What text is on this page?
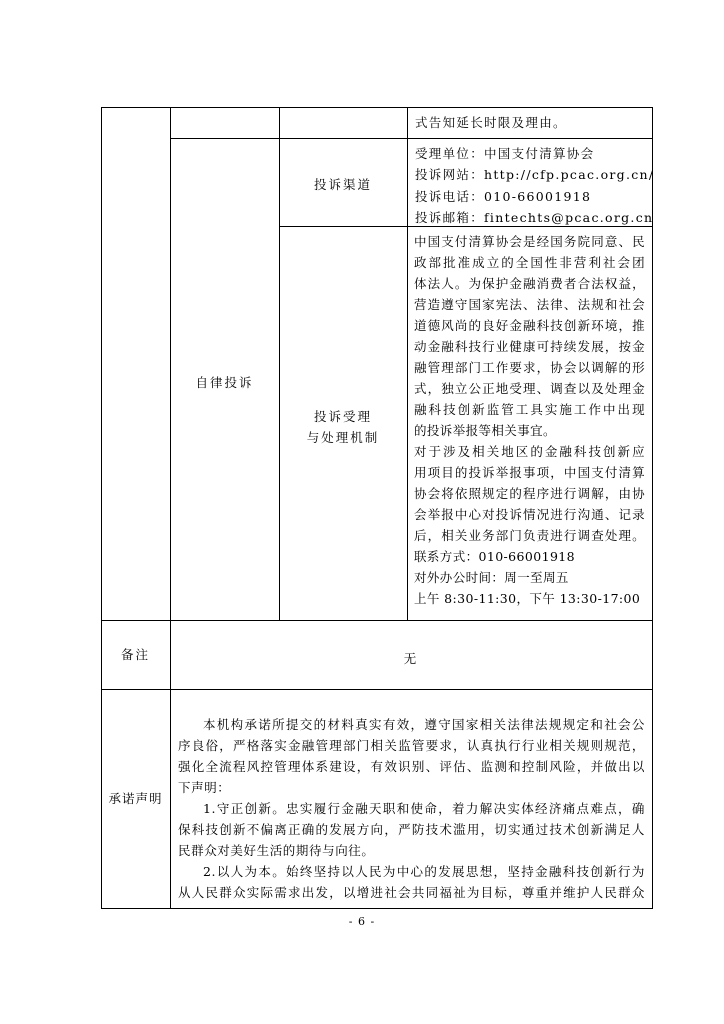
式告知延长时限及理由。
自律投诉
投诉渠道
受理单位：中国支付清算协会
投诉网站：http://cfp.pcac.org.cn/
投诉电话：010-66001918
投诉邮箱：fintechts@pcac.org.cn
投诉受理
与处理机制
中国支付清算协会是经国务院同意、民
政部批准成立的全国性非营利社会团
体法人。为保护金融消费者合法权益，
营造遵守国家宪法、法律、法规和社会
道德风尚的良好金融科技创新环境，推
动金融科技行业健康可持续发展，按金
融管理部门工作要求，协会以调解的形
式，独立公正地受理、调查以及处理金
融科技创新监管工具实施工作中出现
的投诉举报等相关事宜。
对于涉及相关地区的金融科技创新应
用项目的投诉举报事项，中国支付清算
协会将依照规定的程序进行调解，由协
会举报中心对投诉情况进行沟通、记录
后，相关业务部门负责进行调查处理。
联系方式：010-66001918
对外办公时间：周一至周五
上午 8:30-11:30，下午 13:30-17:00
备注	无
承诺声明
本机构承诺所提交的材料真实有效，遵守国家相关法律法规规定和社会公
序良俗，严格落实金融管理部门相关监管要求，认真执行行业相关规则规范，
强化全流程风控管理体系建设，有效识别、评估、监测和控制风险，并做出以
下声明：
1.守正创新。忠实履行金融天职和使命，着力解决实体经济痛点难点，确
保科技创新不偏离正确的发展方向，严防技术滥用，切实通过技术创新满足人
民群众对美好生活的期待与向往。
2.以人为本。始终坚持以人民为中心的发展思想，坚持金融科技创新行为
从人民群众实际需求出发，以增进社会共同福祉为目标，尊重并维护人民群众
- 6 -
